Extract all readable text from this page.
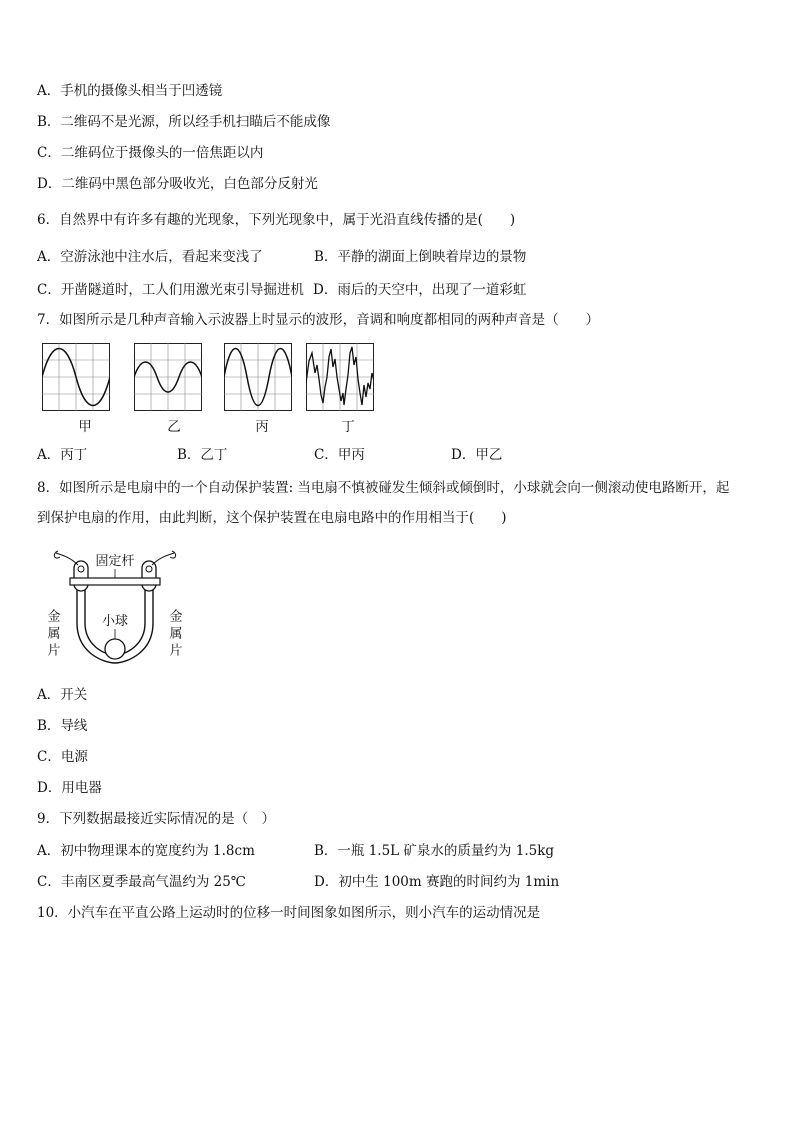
A．手机的摄像头相当于凹透镜
B．二维码不是光源，所以经手机扫瞄后不能成像
C．二维码位于摄像头的一倍焦距以内
D．二维码中黑色部分吸收光，白色部分反射光
6．自然界中有许多有趣的光现象，下列光现象中，属于光沿直线传播的是(　　)
A．空游泳池中注水后，看起来变浅了	B．平静的湖面上倒映着岸边的景物
C．开凿隧道时，工人们用激光束引导掘进机 D．雨后的天空中，出现了一道彩虹
7．如图所示是几种声音输入示波器上时显示的波形，音调和响度都相同的两种声音是（　　）
甲	乙	丙	丁
A．丙丁	B．乙丁	C．甲丙	D．甲乙
8．如图所示是电扇中的一个自动保护装置: 当电扇不慎被碰发生倾斜或倾倒时，小球就会向一侧滚动使电路断开，起
到保护电扇的作用，由此判断，这个保护装置在电扇电路中的作用相当于(　　)
固定杆
小球
金属片	金属片
A．开关
B．导线
C．电源
D．用电器
9．下列数据最接近实际情况的是（　）
A．初中物理课本的宽度约为 1.8cm	B．一瓶 1.5L 矿泉水的质量约为 1.5kg
C．丰南区夏季最高气温约为 25℃	D．初中生 100m 赛跑的时间约为 1min
10．小汽车在平直公路上运动时的位移一时间图象如图所示，则小汽车的运动情况是
